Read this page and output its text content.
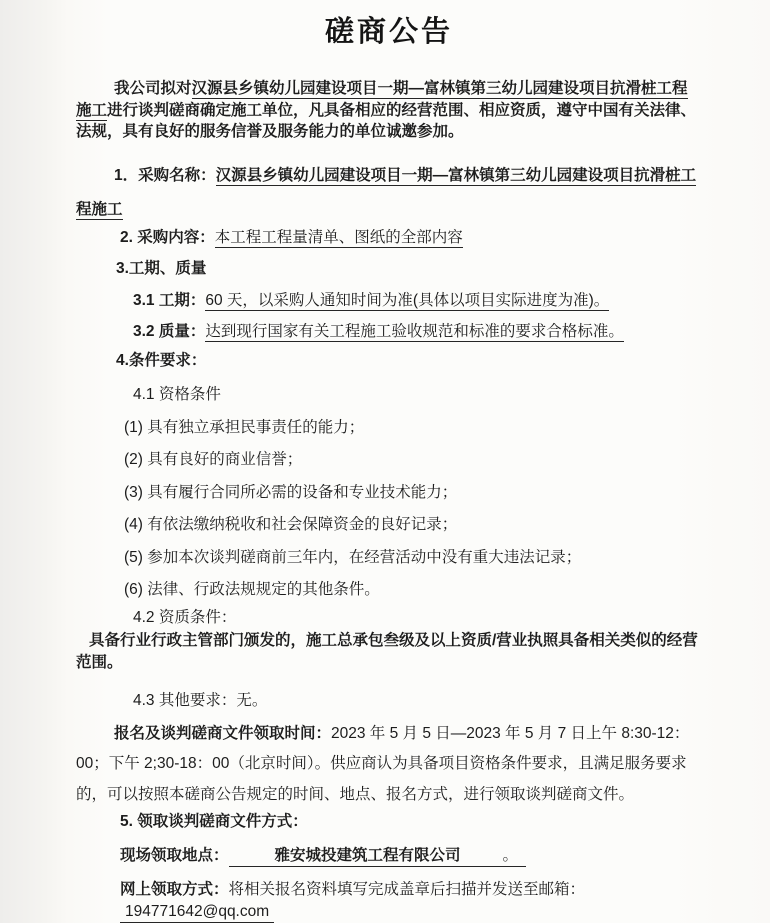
磋商公告

我公司拟对汉源县乡镇幼儿园建设项目一期—富林镇第三幼儿园建设项目抗滑桩工程施工进行谈判磋商确定施工单位，凡具备相应的经营范围、相应资质，遵守中国有关法律、法规，具有良好的服务信誉及服务能力的单位诚邀参加。

1．采购名称：汉源县乡镇幼儿园建设项目一期—富林镇第三幼儿园建设项目抗滑桩工程施工

2. 采购内容：本工程工程量清单、图纸的全部内容

3.工期、质量

3.1 工期：60 天，以采购人通知时间为准(具体以项目实际进度为准)。

3.2 质量：达到现行国家有关工程施工验收规范和标准的要求合格标准。

4.条件要求：

4.1 资格条件

(1) 具有独立承担民事责任的能力；

(2) 具有良好的商业信誉；

(3) 具有履行合同所必需的设备和专业技术能力；

(4) 有依法缴纳税收和社会保障资金的良好记录；

(5) 参加本次谈判磋商前三年内，在经营活动中没有重大违法记录；

(6) 法律、行政法规规定的其他条件。

4.2 资质条件：

具备行业行政主管部门颁发的，施工总承包叁级及以上资质/营业执照具备相关类似的经营范围。

4.3 其他要求：无。

报名及谈判磋商文件领取时间：2023 年 5 月 5 日—2023 年 5 月 7 日上午 8:30-12：00；下午 2;30-18：00（北京时间）。供应商认为具备项目资格条件要求，且满足服务要求的，可以按照本磋商公告规定的时间、地点、报名方式，进行领取谈判磋商文件。

5. 领取谈判磋商文件方式：

现场领取地点：	雅安城投建筑工程有限公司	。

网上领取方式：将相关报名资料填写完成盖章后扫描并发送至邮箱：194771642@qq.com
